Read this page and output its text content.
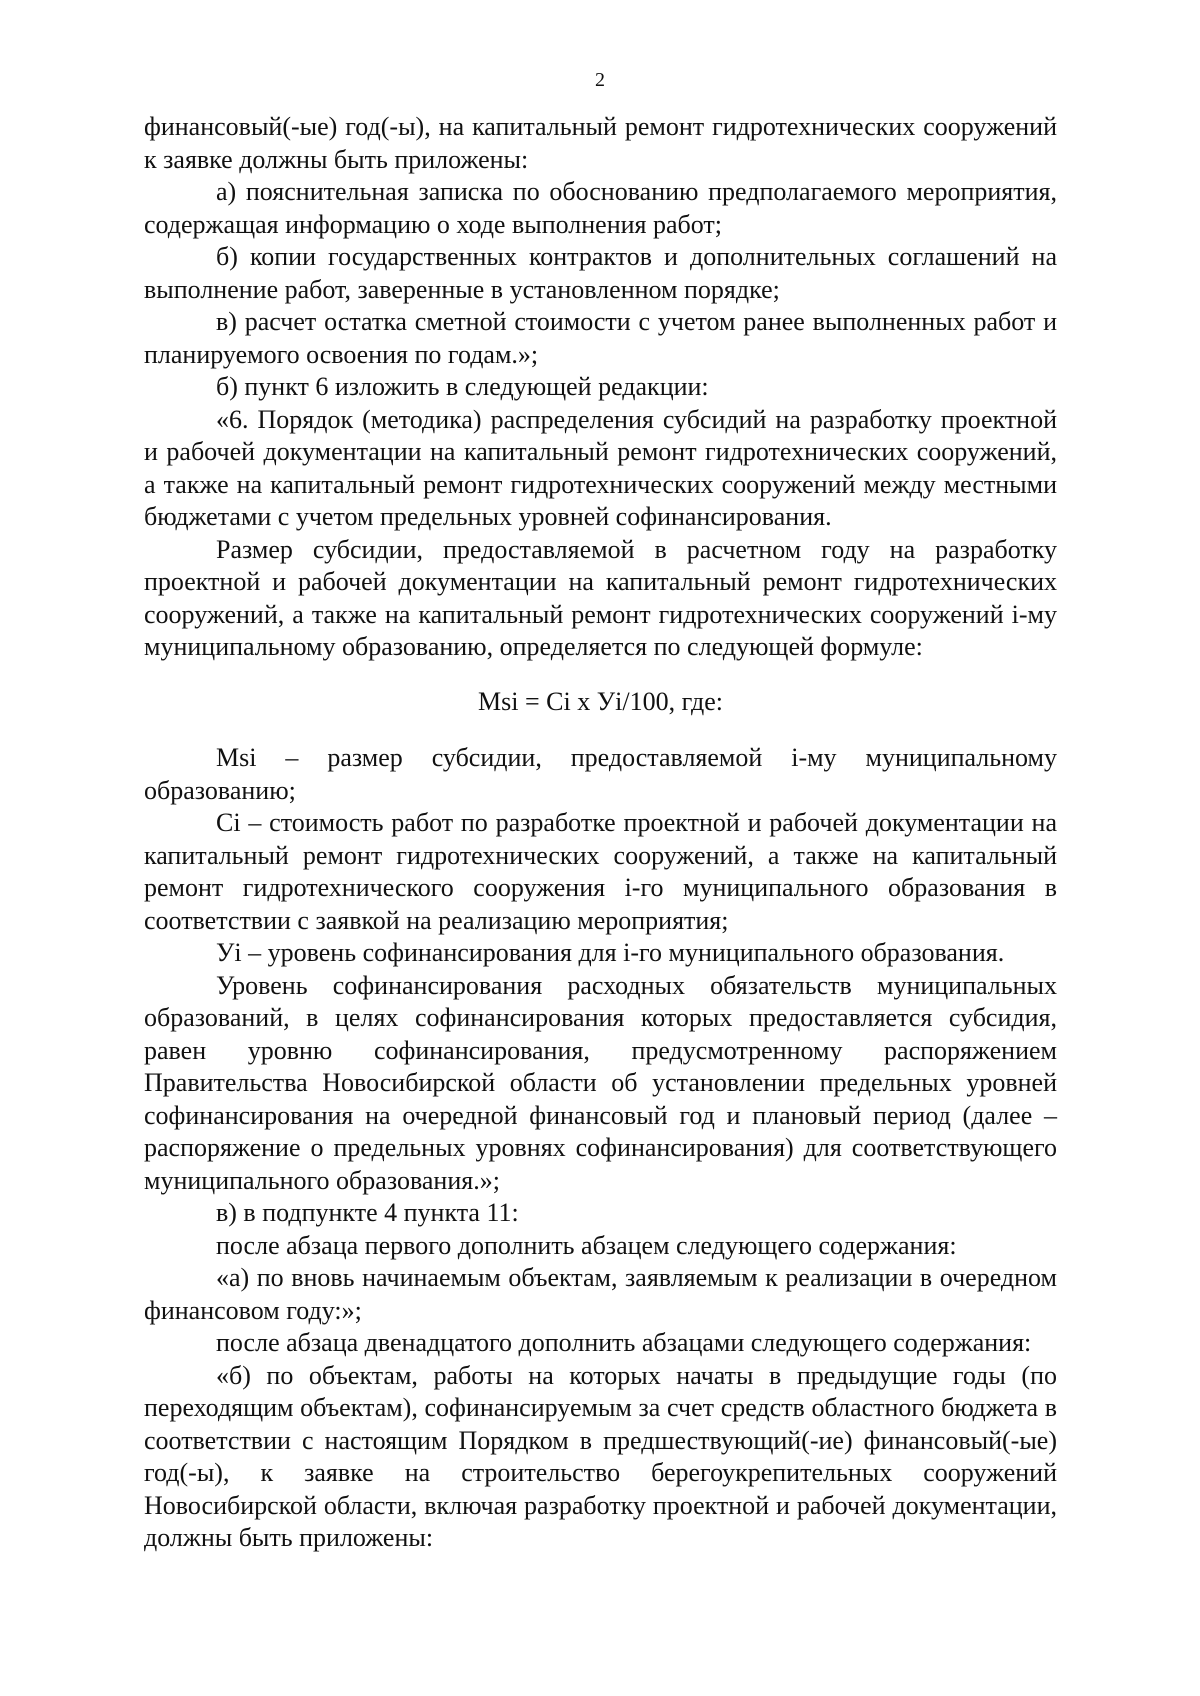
2

финансовый(-ые) год(-ы), на капитальный ремонт гидротехнических сооружений к заявке должны быть приложены:

а) пояснительная записка по обоснованию предполагаемого мероприятия, содержащая информацию о ходе выполнения работ;

б) копии государственных контрактов и дополнительных соглашений на выполнение работ, заверенные в установленном порядке;

в) расчет остатка сметной стоимости с учетом ранее выполненных работ и планируемого освоения по годам.»;

б) пункт 6 изложить в следующей редакции:

«6. Порядок (методика) распределения субсидий на разработку проектной и рабочей документации на капитальный ремонт гидротехнических сооружений, а также на капитальный ремонт гидротехнических сооружений между местными бюджетами с учетом предельных уровней софинансирования.

Размер субсидии, предоставляемой в расчетном году на разработку проектной и рабочей документации на капитальный ремонт гидротехнических сооружений, а также на капитальный ремонт гидротехнических сооружений i-му муниципальному образованию, определяется по следующей формуле:

Msi = Ci x Уi/100, где:

Msi – размер субсидии, предоставляемой i-му муниципальному образованию;

Ci – стоимость работ по разработке проектной и рабочей документации на капитальный ремонт гидротехнических сооружений, а также на капитальный ремонт гидротехнического сооружения i-го муниципального образования в соответствии с заявкой на реализацию мероприятия;

Уi – уровень софинансирования для i-го муниципального образования.

Уровень софинансирования расходных обязательств муниципальных образований, в целях софинансирования которых предоставляется субсидия, равен уровню софинансирования, предусмотренному распоряжением Правительства Новосибирской области об установлении предельных уровней софинансирования на очередной финансовый год и плановый период (далее – распоряжение о предельных уровнях софинансирования) для соответствующего муниципального образования.»;

в) в подпункте 4 пункта 11:

после абзаца первого дополнить абзацем следующего содержания:

«а) по вновь начинаемым объектам, заявляемым к реализации в очередном финансовом году:»;

после абзаца двенадцатого дополнить абзацами следующего содержания:

«б) по объектам, работы на которых начаты в предыдущие годы (по переходящим объектам), софинансируемым за счет средств областного бюджета в соответствии с настоящим Порядком в предшествующий(-ие) финансовый(-ые) год(-ы), к заявке на строительство берегоукрепительных сооружений Новосибирской области, включая разработку проектной и рабочей документации, должны быть приложены:
